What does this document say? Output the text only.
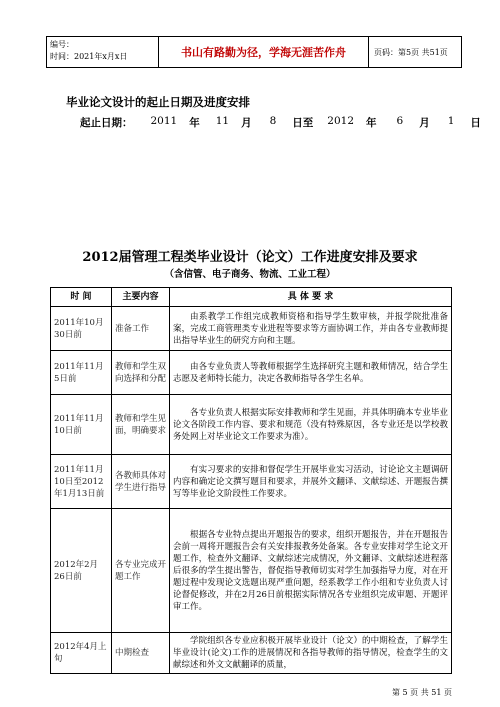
编号：
时间：2021年x月x日	书山有路勤为径，学海无涯苦作舟	页码：第5页 共51页
毕业论文设计的起止日期及进度安排
起止日期： 2011 年 11 月 8 日至 2012 年 6 月 1 日
2012届管理工程类毕业设计（论文）工作进度安排及要求
（含信管、电子商务、物流、工业工程）
时 间	主要内容	具 体 要 求
2011年10月30日前	准备工作	由系教学工作组完成教师资格和指导学生数审核，并报学院批准备案，完成工商管理类专业进程等要求等方面协调工作，并由各专业教师提出指导毕业生的研究方向和主题。
2011年11月5日前	教师和学生双向选择和分配	由各专业负责人等教师根据学生选择研究主题和教师情况，结合学生志愿及老师特长能力，决定各教师指导各学生名单。
2011年11月10日前	教师和学生见面，明确要求	各专业负责人根据实际安排教师和学生见面，并具体明确本专业毕业论文各阶段工作内容、要求和规范（没有特殊原因，各专业还是以学校教务处网上对毕业论文工作要求为准）。
2011年11月10日至2012年1月13日前	各教师具体对学生进行指导	有实习要求的安排和督促学生开展毕业实习活动，讨论论文主题调研内容和确定论文撰写题目和要求，并展外文翻译、文献综述、开题报告撰写等毕业论文阶段性工作要求。
2012年2月26日前	各专业完成开题工作	根据各专业特点提出开题报告的要求，组织开题报告，并在开题报告会前一周将开题报告会有关安排报教务处备案。各专业安排对学生论文开题工作，检查外文翻译、文献综述完成情况，外文翻译、文献综述进程落后很多的学生提出警告，督促指导教师切实对学生加强指导力度，对在开题过程中发现论文选题出现严重问题，经系教学工作小组和专业负责人讨论督促修改，并在2月26日前根据实际情况各专业组织完成审题、开题评审工作。
2012年4月上旬	中期检查	学院组织各专业应积极开展毕业设计（论文）的中期检查，了解学生毕业设计(论文)工作的进展情况和各指导教师的指导情况，检查学生的文献综述和外文文献翻译的质量，
第 5 页 共 51 页
